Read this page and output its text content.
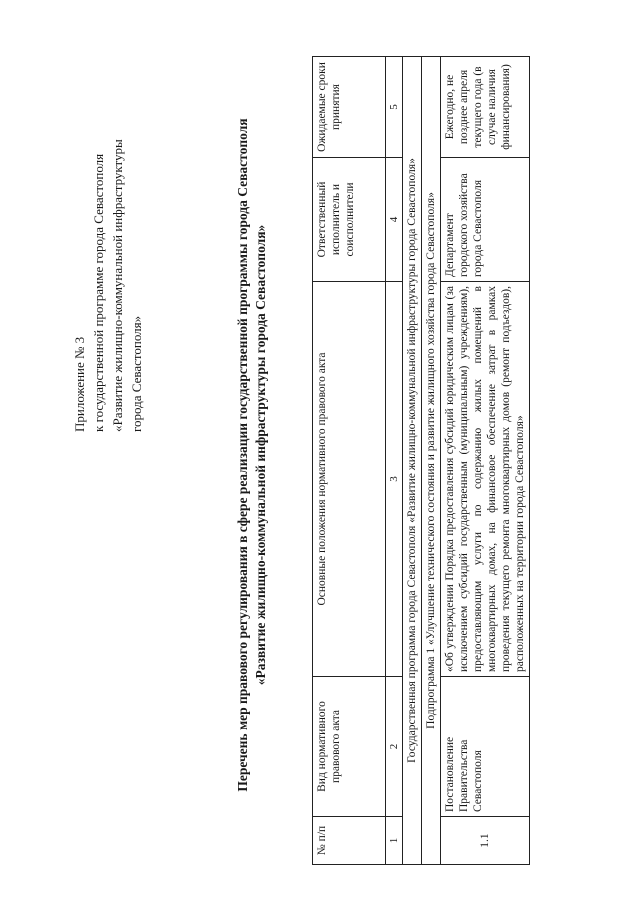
Приложение № 3 к государственной программе города Севастополя «Развитие жилищно-коммунальной инфраструктуры города Севастополя»	Перечень мер правового регулирования в сфере реализации государственной программы города Севастополя «Развитие жилищно-коммунальной инфраструктуры города Севастополя»
№ п/п	Вид нормативного правового акта	Основные положения нормативного правового акта	Ответственный исполнитель и соисполнители	Ожидаемые сроки принятия
1	2	3	4	5
Государственная программа города Севастополя «Развитие жилищно-коммунальной инфраструктуры города Севастополя»				
Подпрограмма 1 «Улучшение технического состояния и развитие жилищного хозяйства города Севастополя»				
1.1	Постановление Правительства Севастополя	«Об утверждении Порядка предоставления субсидий юридическим лицам (за исключением субсидий государственным (муниципальным) учреждениям), предоставляющим услуги по содержанию жилых помещений в многоквартирных домах, на финансовое обеспечение затрат в рамках проведения текущего ремонта многоквартирных домов (ремонт подъездов), расположенных на территории города Севастополя»	Департамент городского хозяйства города Севастополя	Ежегодно, не позднее апреля текущего года (в случае наличия финансирования)
